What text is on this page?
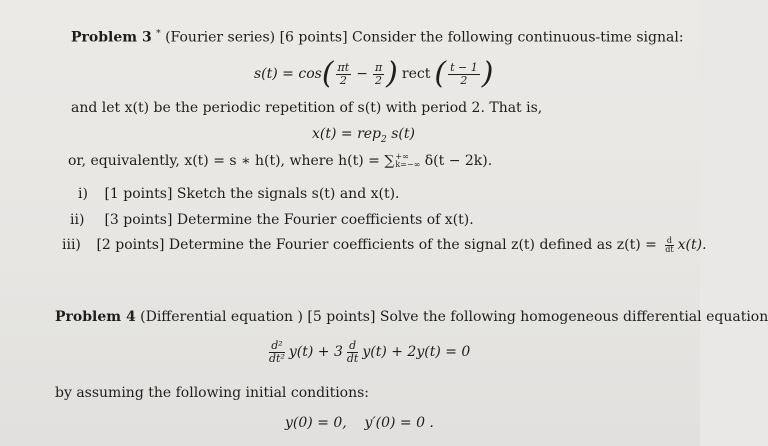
Problem 3 * (Fourier series) [6 points] Consider the following continuous-time signal:
s(t) = cos ( $\frac{\pi t}{2} - \frac{\pi}{2}$ ) rect ( $\frac{t - 1}{2}$ )
and let x(t) be the periodic repetition of s(t) with period 2. That is,
x(t) = rep$_2$ s(t)
or, equivalently, x(t) = s ∗ h(t), where h(t) = ∑ +∞
k=−∞ δ(t − 2k).
i) [1 points] Sketch the signals s(t) and x(t).
ii) [3 points] Determine the Fourier coefficients of x(t).
iii) [2 points] Determine the Fourier coefficients of the signal z(t) defined as $z(t) = \frac{d}{dt} x(t)$.
Problem 4 (Differential equation ) [5 points] Solve the following homogeneous differential equation
$\frac{\text{d²}}{\text{dt²}} y(t) + 3 \frac{d}{dt} y(t) + 2y(t) = 0$
by assuming the following initial conditions:
y(0) = 0,    y′(0) = 0 .
